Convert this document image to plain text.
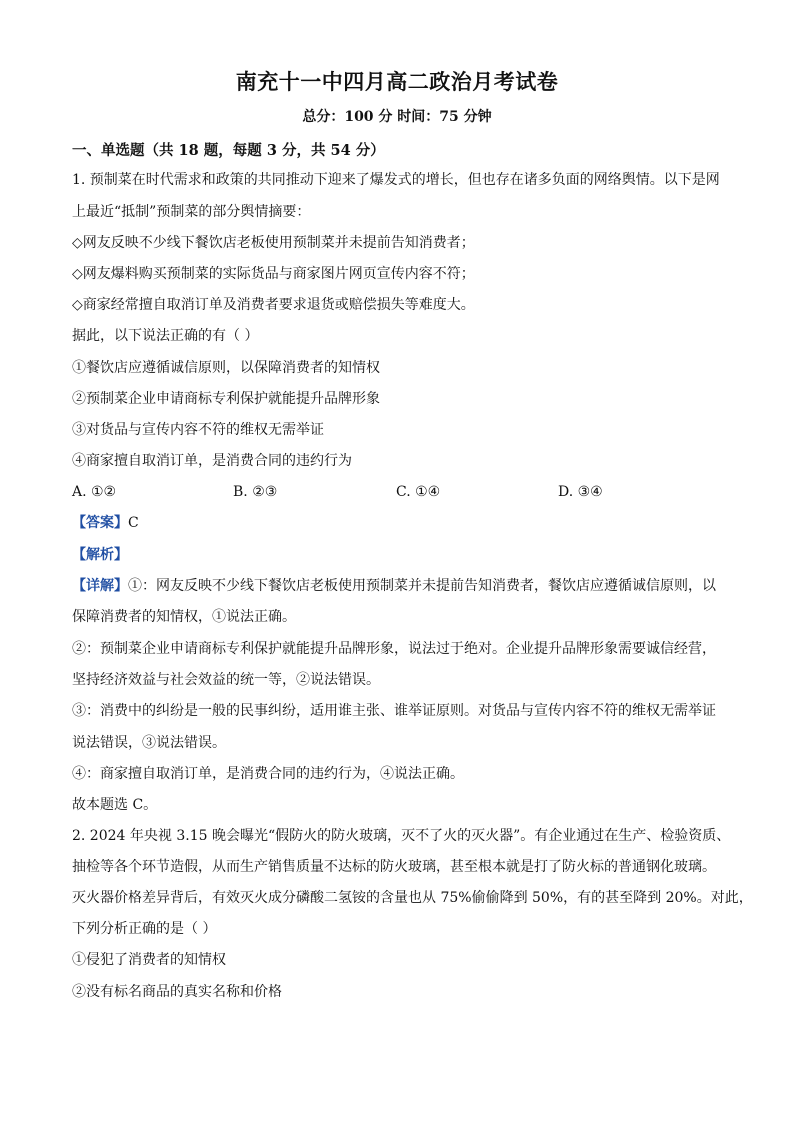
南充十一中四月高二政治月考试卷
总分：100 分 时间：75 分钟
一、单选题（共 18 题，每题 3 分，共 54 分）
1. 预制菜在时代需求和政策的共同推动下迎来了爆发式的增长，但也存在诸多负面的网络舆情。以下是网
上最近“抵制”预制菜的部分舆情摘要：
◇网友反映不少线下餐饮店老板使用预制菜并未提前告知消费者；
◇网友爆料购买预制菜的实际货品与商家图片网页宣传内容不符；
◇商家经常擅自取消订单及消费者要求退货或赔偿损失等难度大。
据此，以下说法正确的有（ ）
①餐饮店应遵循诚信原则，以保障消费者的知情权
②预制菜企业申请商标专利保护就能提升品牌形象
③对货品与宣传内容不符的维权无需举证
④商家擅自取消订单，是消费合同的违约行为
A. ①②	B. ②③	C. ①④	D. ③④
【答案】C
【解析】
【详解】①：网友反映不少线下餐饮店老板使用预制菜并未提前告知消费者，餐饮店应遵循诚信原则，以
保障消费者的知情权，①说法正确。
②：预制菜企业申请商标专利保护就能提升品牌形象，说法过于绝对。企业提升品牌形象需要诚信经营，
坚持经济效益与社会效益的统一等，②说法错误。
③：消费中的纠纷是一般的民事纠纷，适用谁主张、谁举证原则。对货品与宣传内容不符的维权无需举证
说法错误，③说法错误。
④：商家擅自取消订单，是消费合同的违约行为，④说法正确。
故本题选 C。
2. 2024 年央视 3.15 晚会曝光“假防火的防火玻璃，灭不了火的灭火器”。有企业通过在生产、检验资质、
抽检等各个环节造假，从而生产销售质量不达标的防火玻璃，甚至根本就是打了防火标的普通钢化玻璃。
灭火器价格差异背后，有效灭火成分磷酸二氢铵的含量也从 75%偷偷降到 50%，有的甚至降到 20%。对此，
下列分析正确的是（ ）
①侵犯了消费者的知情权
②没有标名商品的真实名称和价格
